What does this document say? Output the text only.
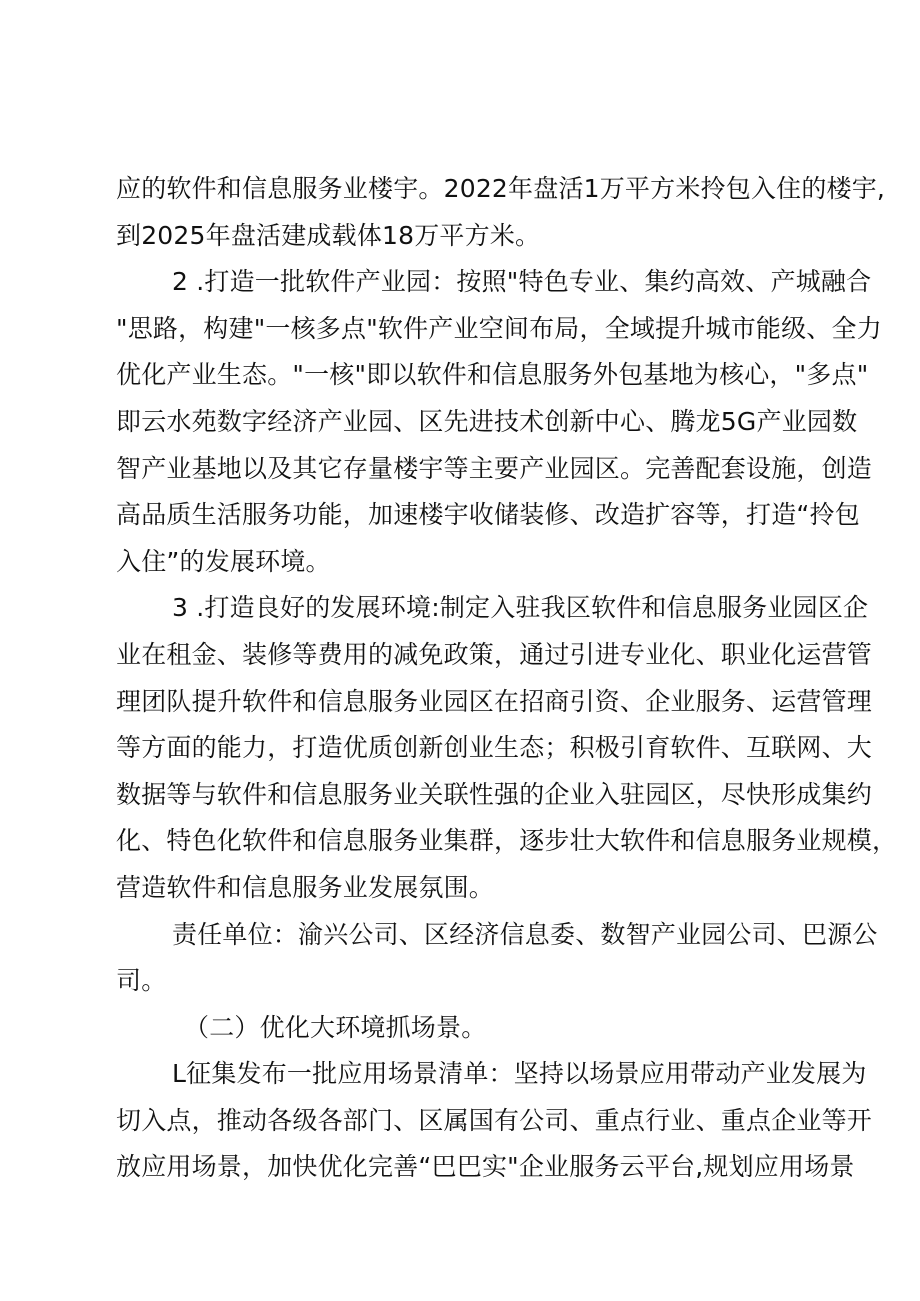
应的软件和信息服务业楼宇。2022年盘活1万平方米拎包入住的楼宇,
到2025年盘活建成载体18万平方米。
2 .打造一批软件产业园：按照"特色专业、集约高效、产城融合
"思路，构建"一核多点"软件产业空间布局，全域提升城市能级、全力
优化产业生态。"一核"即以软件和信息服务外包基地为核心，"多点"
即云水苑数字经济产业园、区先进技术创新中心、腾龙5G产业园数
智产业基地以及其它存量楼宇等主要产业园区。完善配套设施，创造
高品质生活服务功能，加速楼宇收储装修、改造扩容等，打造“拎包
入住”的发展环境。
3 .打造良好的发展环境:制定入驻我区软件和信息服务业园区企
业在租金、装修等费用的减免政策，通过引进专业化、职业化运营管
理团队提升软件和信息服务业园区在招商引资、企业服务、运营管理
等方面的能力，打造优质创新创业生态；积极引育软件、互联网、大
数据等与软件和信息服务业关联性强的企业入驻园区，尽快形成集约
化、特色化软件和信息服务业集群，逐步壮大软件和信息服务业规模，
营造软件和信息服务业发展氛围。
责任单位：渝兴公司、区经济信息委、数智产业园公司、巴源公
司。
（二）优化大环境抓场景。
L征集发布一批应用场景清单：坚持以场景应用带动产业发展为
切入点，推动各级各部门、区属国有公司、重点行业、重点企业等开
放应用场景，加快优化完善“巴巴实"企业服务云平台,规划应用场景
